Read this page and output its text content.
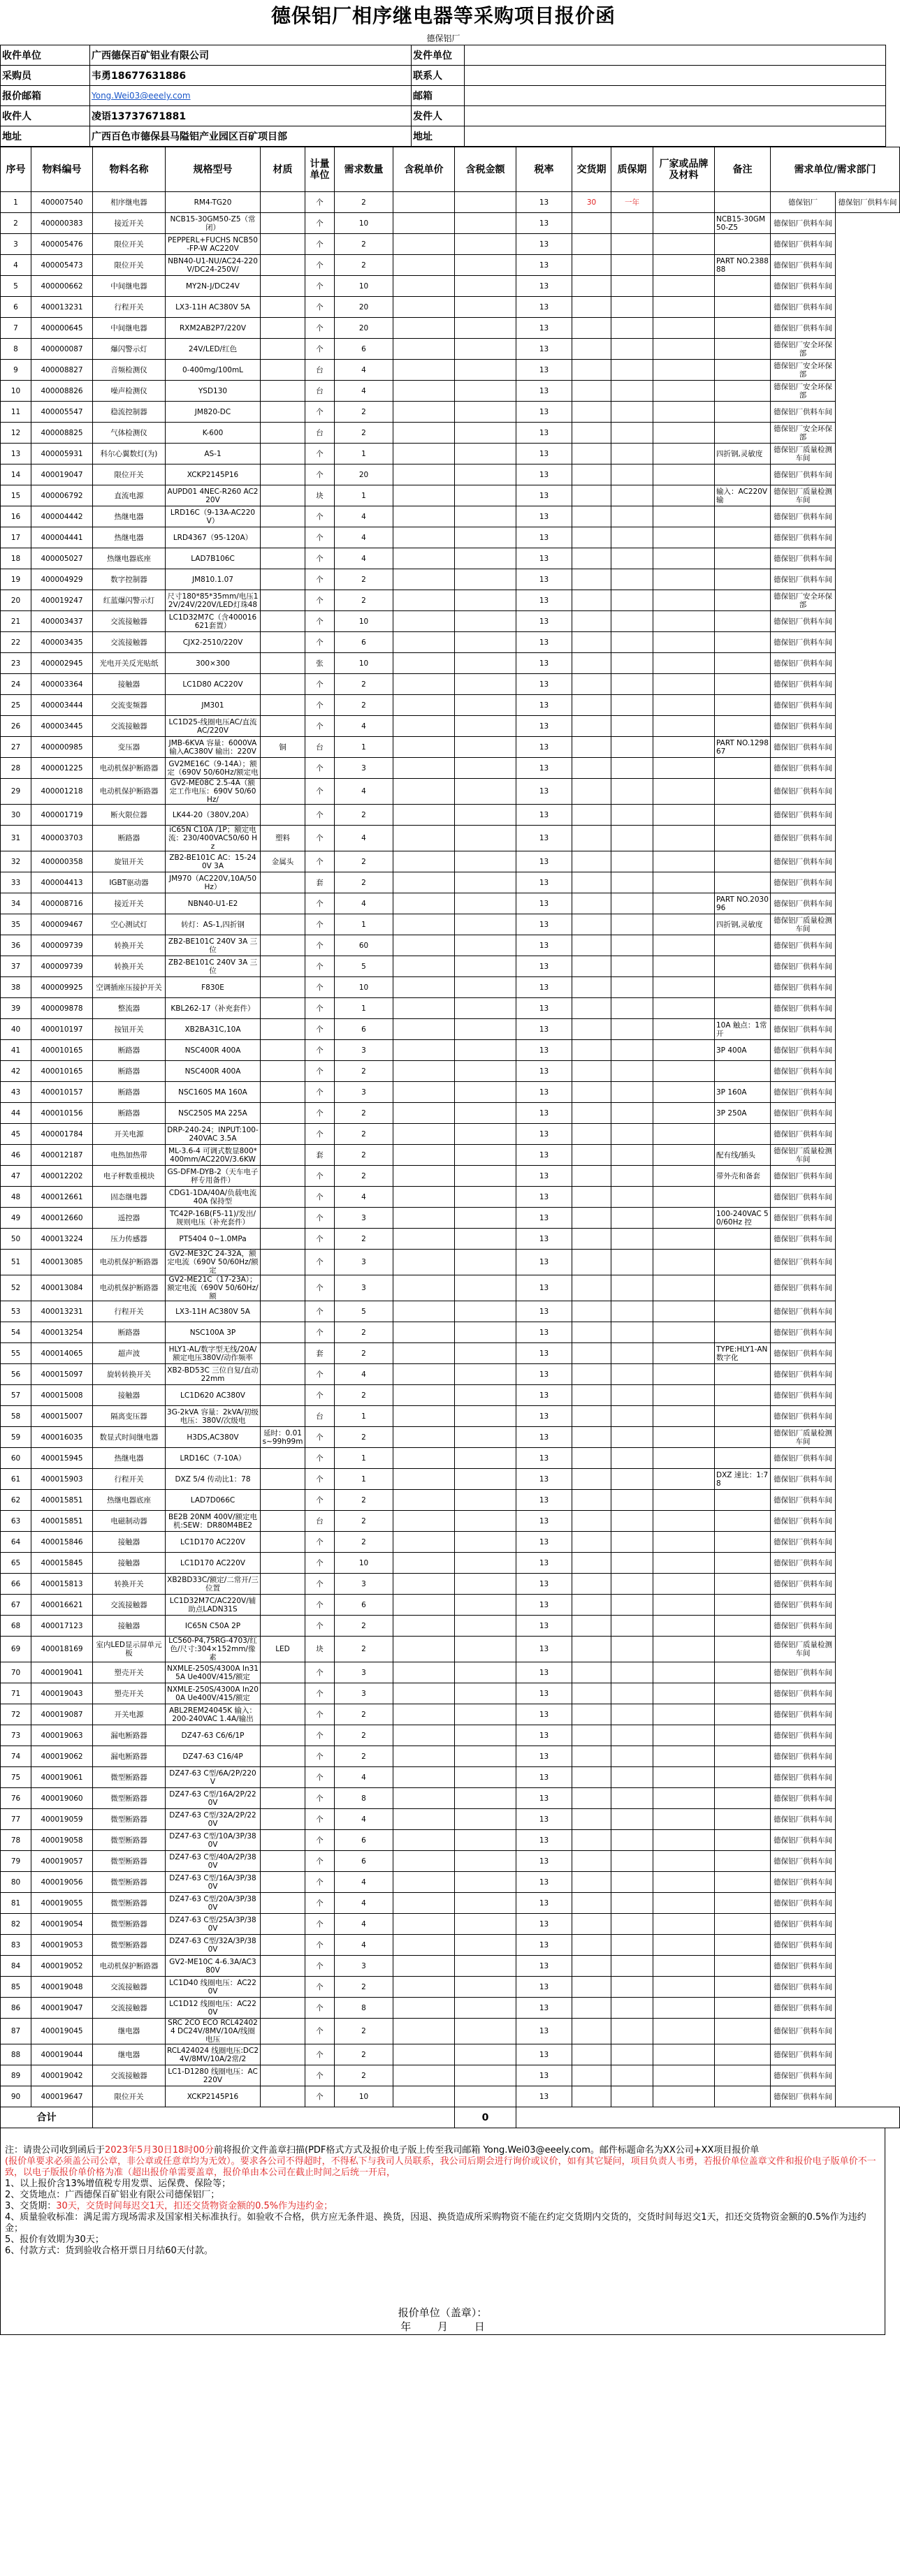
德保铝厂相序继电器等采购项目报价函
德保铝厂
收件单位	广西德保百矿铝业有限公司	发件单位	
采购员	韦勇18677631886	联系人	
报价邮箱	Yong.Wei03@eeely.com	邮箱	
收件人	凌语13737671881	发件人	
地址	广西百色市德保县马隘铝产业园区百矿项目部	地址	
序号	物料编号	物料名称	规格型号	材质	计量单位	需求数量	含税单价	含税金额	税率	交货期	质保期	厂家或品牌及材料	备注	需求单位/需求部门	
1	400007540	相序继电器	RM4-TG20		个	2			13	30	一年			德保铝厂	德保铝厂供料车间
2	400000383	接近开关	NCB15-30GM50-Z5（常闭）		个	10			13				NCB15-30GM50-Z5	德保铝厂供料车间	
3	400005476	限位开关	PEPPERL+FUCHS NCB50-FP-W AC220V		个	2			13					德保铝厂供料车间	
4	400005473	限位开关	NBN40-U1-NU/AC24-220V/DC24-250V/		个	2			13				PART NO.238888	德保铝厂供料车间	
5	400000662	中间继电器	MY2N-J/DC24V		个	10			13					德保铝厂供料车间	
6	400013231	行程开关	LX3-11H AC380V 5A		个	20			13					德保铝厂供料车间	
7	400000645	中间继电器	RXM2AB2P7/220V		个	20			13					德保铝厂供料车间	
8	400000087	爆闪警示灯	24V/LED/红色		个	6			13					德保铝厂安全环保部	
9	400008827	音频检测仪	0-400mg/100mL		台	4			13					德保铝厂安全环保部	
10	400008826	噪声检测仪	YSD130		台	4			13					德保铝厂安全环保部	
11	400005547	稳流控制器	JM820-DC		个	2			13					德保铝厂供料车间	
12	400008825	气体检测仪	K-600		台	2			13					德保铝厂安全环保部	
13	400005931	科尔心翼数灯(为)	AS-1		个	1			13				四折钢,灵敏度	德保铝厂质量检测车间	
14	400019047	限位开关	XCKP2145P16		个	20			13					德保铝厂供料车间	
15	400006792	直流电源	AUPD01 4NEC-R260 AC220V		块	1			13				输入：AC220V 输	德保铝厂质量检测车间	
16	400004442	热继电器	LRD16C（9-13A-AC220V）		个	4			13					德保铝厂供料车间	
17	400004441	热继电器	LRD4367（95-120A）		个	4			13					德保铝厂供料车间	
18	400005027	热继电器底座	LAD7B106C		个	4			13					德保铝厂供料车间	
19	400004929	数字控制器	JM810.1.07		个	2			13					德保铝厂供料车间	
20	400019247	红蓝爆闪警示灯	尺寸180*85*35mm/电压12V/24V/220V/LED灯珠48		个	2			13					德保铝厂安全环保部	
21	400003437	交流接触器	LC1D32M7C（含400016621套置）		个	10			13					德保铝厂供料车间	
22	400003435	交流接触器	CJX2-2510/220V		个	6			13					德保铝厂供料车间	
23	400002945	光电开关反光贴纸	300×300		张	10			13					德保铝厂供料车间	
24	400003364	接触器	LC1D80 AC220V		个	2			13					德保铝厂供料车间	
25	400003444	交流变频器	JM301		个	2			13					德保铝厂供料车间	
26	400003445	交流接触器	LC1D25-线圈电压AC/直流AC/220V		个	4			13					德保铝厂供料车间	
27	400000985	变压器	JMB-6KVA 容量：6000VA 输入AC380V 输出：220V	铜	台	1			13				PART NO.129867	德保铝厂供料车间	
28	400001225	电动机保护断路器	GV2ME16C（9-14A）；额定（690V 50/60Hz/额定电		个	3			13					德保铝厂供料车间	
29	400001218	电动机保护断路器	GV2-ME08C 2.5-4A（额定工作电压：690V 50/60Hz/		个	4			13					德保铝厂供料车间	
30	400001719	断火限位器	LK44-20（380V,20A）		个	2			13					德保铝厂供料车间	
31	400003703	断路器	iC65N C10A /1P；额定电流：230/400VAC50/60 Hz	塑料	个	4			13					德保铝厂供料车间	
32	400000358	旋钮开关	ZB2-BE101C AC：15-240V 3A	金属头	个	2			13					德保铝厂供料车间	
33	400004413	IGBT驱动器	JM970（AC220V,10A/50Hz）		套	2			13					德保铝厂供料车间	
34	400008716	接近开关	NBN40-U1-E2		个	4			13				PART NO.203096	德保铝厂供料车间	
35	400009467	空心测试灯	转灯：AS-1,四折钢		个	1			13				四折钢,灵敏度	德保铝厂质量检测车间	
36	400009739	转换开关	ZB2-BE101C 240V 3A 三位		个	60			13					德保铝厂供料车间	
37	400009739	转换开关	ZB2-BE101C 240V 3A 三位		个	5			13					德保铝厂供料车间	
38	400009925	空调插座压接护开关	F830E		个	10			13					德保铝厂供料车间	
39	400009878	整流器	KBL262-17（补充套件）		个	1			13					德保铝厂供料车间	
40	400010197	按钮开关	XB2BA31C,10A		个	6			13				10A 触点：1常开	德保铝厂供料车间	
41	400010165	断路器	NSC400R 400A		个	3			13				3P 400A	德保铝厂供料车间	
42	400010165	断路器	NSC400R 400A		个	2			13					德保铝厂供料车间	
43	400010157	断路器	NSC160S MA 160A		个	3			13				3P 160A	德保铝厂供料车间	
44	400010156	断路器	NSC250S MA 225A		个	2			13				3P 250A	德保铝厂供料车间	
45	400001784	开关电源	DRP-240-24；INPUT:100-240VAC 3.5A		个	2			13					德保铝厂供料车间	
46	400012187	电热加热带	ML-3.6-4 可调式数显800*400mm/AC220V/3.6KW		套	2			13				配有线/插头	德保铝厂质量检测车间	
47	400012202	电子秤数重模块	GS-DFM-DYB-2（天车电子秤专用备件）		个	2			13				带外壳和备套	德保铝厂供料车间	
48	400012661	固态继电器	CDG1-1DA/40A/负载电流40A 保持型		个	4			13					德保铝厂供料车间	
49	400012660	遥控器	TC42P-16B(F5-11)/发出/规则电压（补充套件）		个	3			13				100-240VAC 50/60Hz 控	德保铝厂供料车间	
50	400013224	压力传感器	PT5404 0~1.0MPa		个	2			13					德保铝厂供料车间	
51	400013085	电动机保护断路器	GV2-ME32C 24-32A，额定电流（690V 50/60Hz/额定		个	3			13					德保铝厂供料车间	
52	400013084	电动机保护断路器	GV2-ME21C（17-23A）；额定电流（690V 50/60Hz/额		个	3			13					德保铝厂供料车间	
53	400013231	行程开关	LX3-11H AC380V 5A		个	5			13					德保铝厂供料车间	
54	400013254	断路器	NSC100A 3P		个	2			13					德保铝厂供料车间	
55	400014065	超声波	HLY1-AL/数字型无线/20A/额定电压380V/动作频率		套	2			13				TYPE:HLY1-AN 数字化	德保铝厂供料车间	
56	400015097	旋转转换开关	XB2-BD53C 三位自复/直动22mm		个	4			13					德保铝厂供料车间	
57	400015008	接触器	LC1D620 AC380V		个	2			13					德保铝厂供料车间	
58	400015007	隔离变压器	3G-2kVA 容量：2kVA/初级电压：380V/次级电		台	1			13					德保铝厂供料车间	
59	400016035	数显式时间继电器	H3DS,AC380V	延时：0.01s~99h99m	个	2			13					德保铝厂质量检测车间	
60	400015945	热继电器	LRD16C（7-10A）		个	1			13					德保铝厂供料车间	
61	400015903	行程开关	DXZ 5/4 传动比1：78		个	1			13				DXZ 速比：1:78	德保铝厂供料车间	
62	400015851	热继电器底座	LAD7D066C		个	2			13					德保铝厂供料车间	
63	400015851	电磁制动器	BE2B 20NM 400V/额定电机:SEW：DR80M4BE2		台	2			13					德保铝厂供料车间	
64	400015846	接触器	LC1D170 AC220V		个	2			13					德保铝厂供料车间	
65	400015845	接触器	LC1D170 AC220V		个	10			13					德保铝厂供料车间	
66	400015813	转换开关	XB2BD33C/额定/二常开/三位置		个	3			13					德保铝厂供料车间	
67	400016621	交流接触器	LC1D32M7C/AC220V/辅助点LADN31S		个	6			13					德保铝厂供料车间	
68	400017123	接触器	IC65N C50A 2P		个	2			13					德保铝厂供料车间	
69	400018169	室内LED显示屏单元板	LC560-P4,75RG-4703/红色/尺寸:304×152mm/像素	LED	块	2			13					德保铝厂质量检测车间	
70	400019041	塑壳开关	NXMLE-250S/4300A In315A Ue400V/415/额定		个	3			13					德保铝厂供料车间	
71	400019043	塑壳开关	NXMLE-250S/4300A In200A Ue400V/415/额定		个	3			13					德保铝厂供料车间	
72	400019087	开关电源	ABL2REM24045K 输入：200-240VAC 1.4A/输出		个	2			13					德保铝厂供料车间	
73	400019063	漏电断路器	DZ47-63 C6/6/1P		个	2			13					德保铝厂供料车间	
74	400019062	漏电断路器	DZ47-63 C16/4P		个	2			13					德保铝厂供料车间	
75	400019061	微型断路器	DZ47-63 C型/6A/2P/220V		个	4			13					德保铝厂供料车间	
76	400019060	微型断路器	DZ47-63 C型/16A/2P/220V		个	8			13					德保铝厂供料车间	
77	400019059	微型断路器	DZ47-63 C型/32A/2P/220V		个	4			13					德保铝厂供料车间	
78	400019058	微型断路器	DZ47-63 C型/10A/3P/380V		个	6			13					德保铝厂供料车间	
79	400019057	微型断路器	DZ47-63 C型/40A/2P/380V		个	6			13					德保铝厂供料车间	
80	400019056	微型断路器	DZ47-63 C型/16A/3P/380V		个	4			13					德保铝厂供料车间	
81	400019055	微型断路器	DZ47-63 C型/20A/3P/380V		个	4			13					德保铝厂供料车间	
82	400019054	微型断路器	DZ47-63 C型/25A/3P/380V		个	4			13					德保铝厂供料车间	
83	400019053	微型断路器	DZ47-63 C型/32A/3P/380V		个	4			13					德保铝厂供料车间	
84	400019052	电动机保护断路器	GV2-ME10C 4-6.3A/AC380V		个	3			13					德保铝厂供料车间	
85	400019048	交流接触器	LC1D40 线圈电压：AC220V		个	2			13					德保铝厂供料车间	
86	400019047	交流接触器	LC1D12 线圈电压：AC220V		个	8			13					德保铝厂供料车间	
87	400019045	继电器	SRC 2CO ECO RCL424024 DC24V/8MV/10A/线圈电压		个	2			13					德保铝厂供料车间	
88	400019044	继电器	RCL424024 线圈电压:DC24V/8MV/10A/2常/2		个	2			13					德保铝厂供料车间	
89	400019042	交流接触器	LC1-D1280 线圈电压：AC220V		个	2			13					德保铝厂供料车间	
90	400019647	限位开关	XCKP2145P16		个	10			13					德保铝厂供料车间	
合计								0							

注：请贵公司收到函后于2023年5月30日18时00分前将报价文件盖章扫描(PDF格式方式及报价电子版上传至我司邮箱 Yong.Wei03@eeely.com。邮件标题命名为XX公司+XX项目报价单

(报价单要求必须盖公司公章，非公章或任意章均为无效）。要求各公司不得超时，不得私下与我司人员联系，我公司后期会进行询价或议价，如有其它疑问，项目负责人韦勇，若报价单位盖章文件和报价电子版单价不一致，以电子版报价单价格为准（超出报价单需要盖章，报价单由本公司在截止时间之后统一开启，

1、以上报价含13%增值税专用发票、运保费、保险等；

2、交货地点：广西德保百矿铝业有限公司德保铝厂；

3、交货期：30天，交货时间每迟交1天，扣还交货物资金额的0.5%作为违约金；

4、质量验收标准：满足需方现场需求及国家相关标准执行。如验收不合格，供方应无条件退、换货，因退、换货造成所采购物资不能在约定交货期内交货的，交货时间每迟交1天，扣还交货物资金额的0.5%作为违约金；

5、报价有效期为30天；

6、付款方式：货到验收合格开票日月结60天付款。

报价单位（盖章）：
年	月	日
